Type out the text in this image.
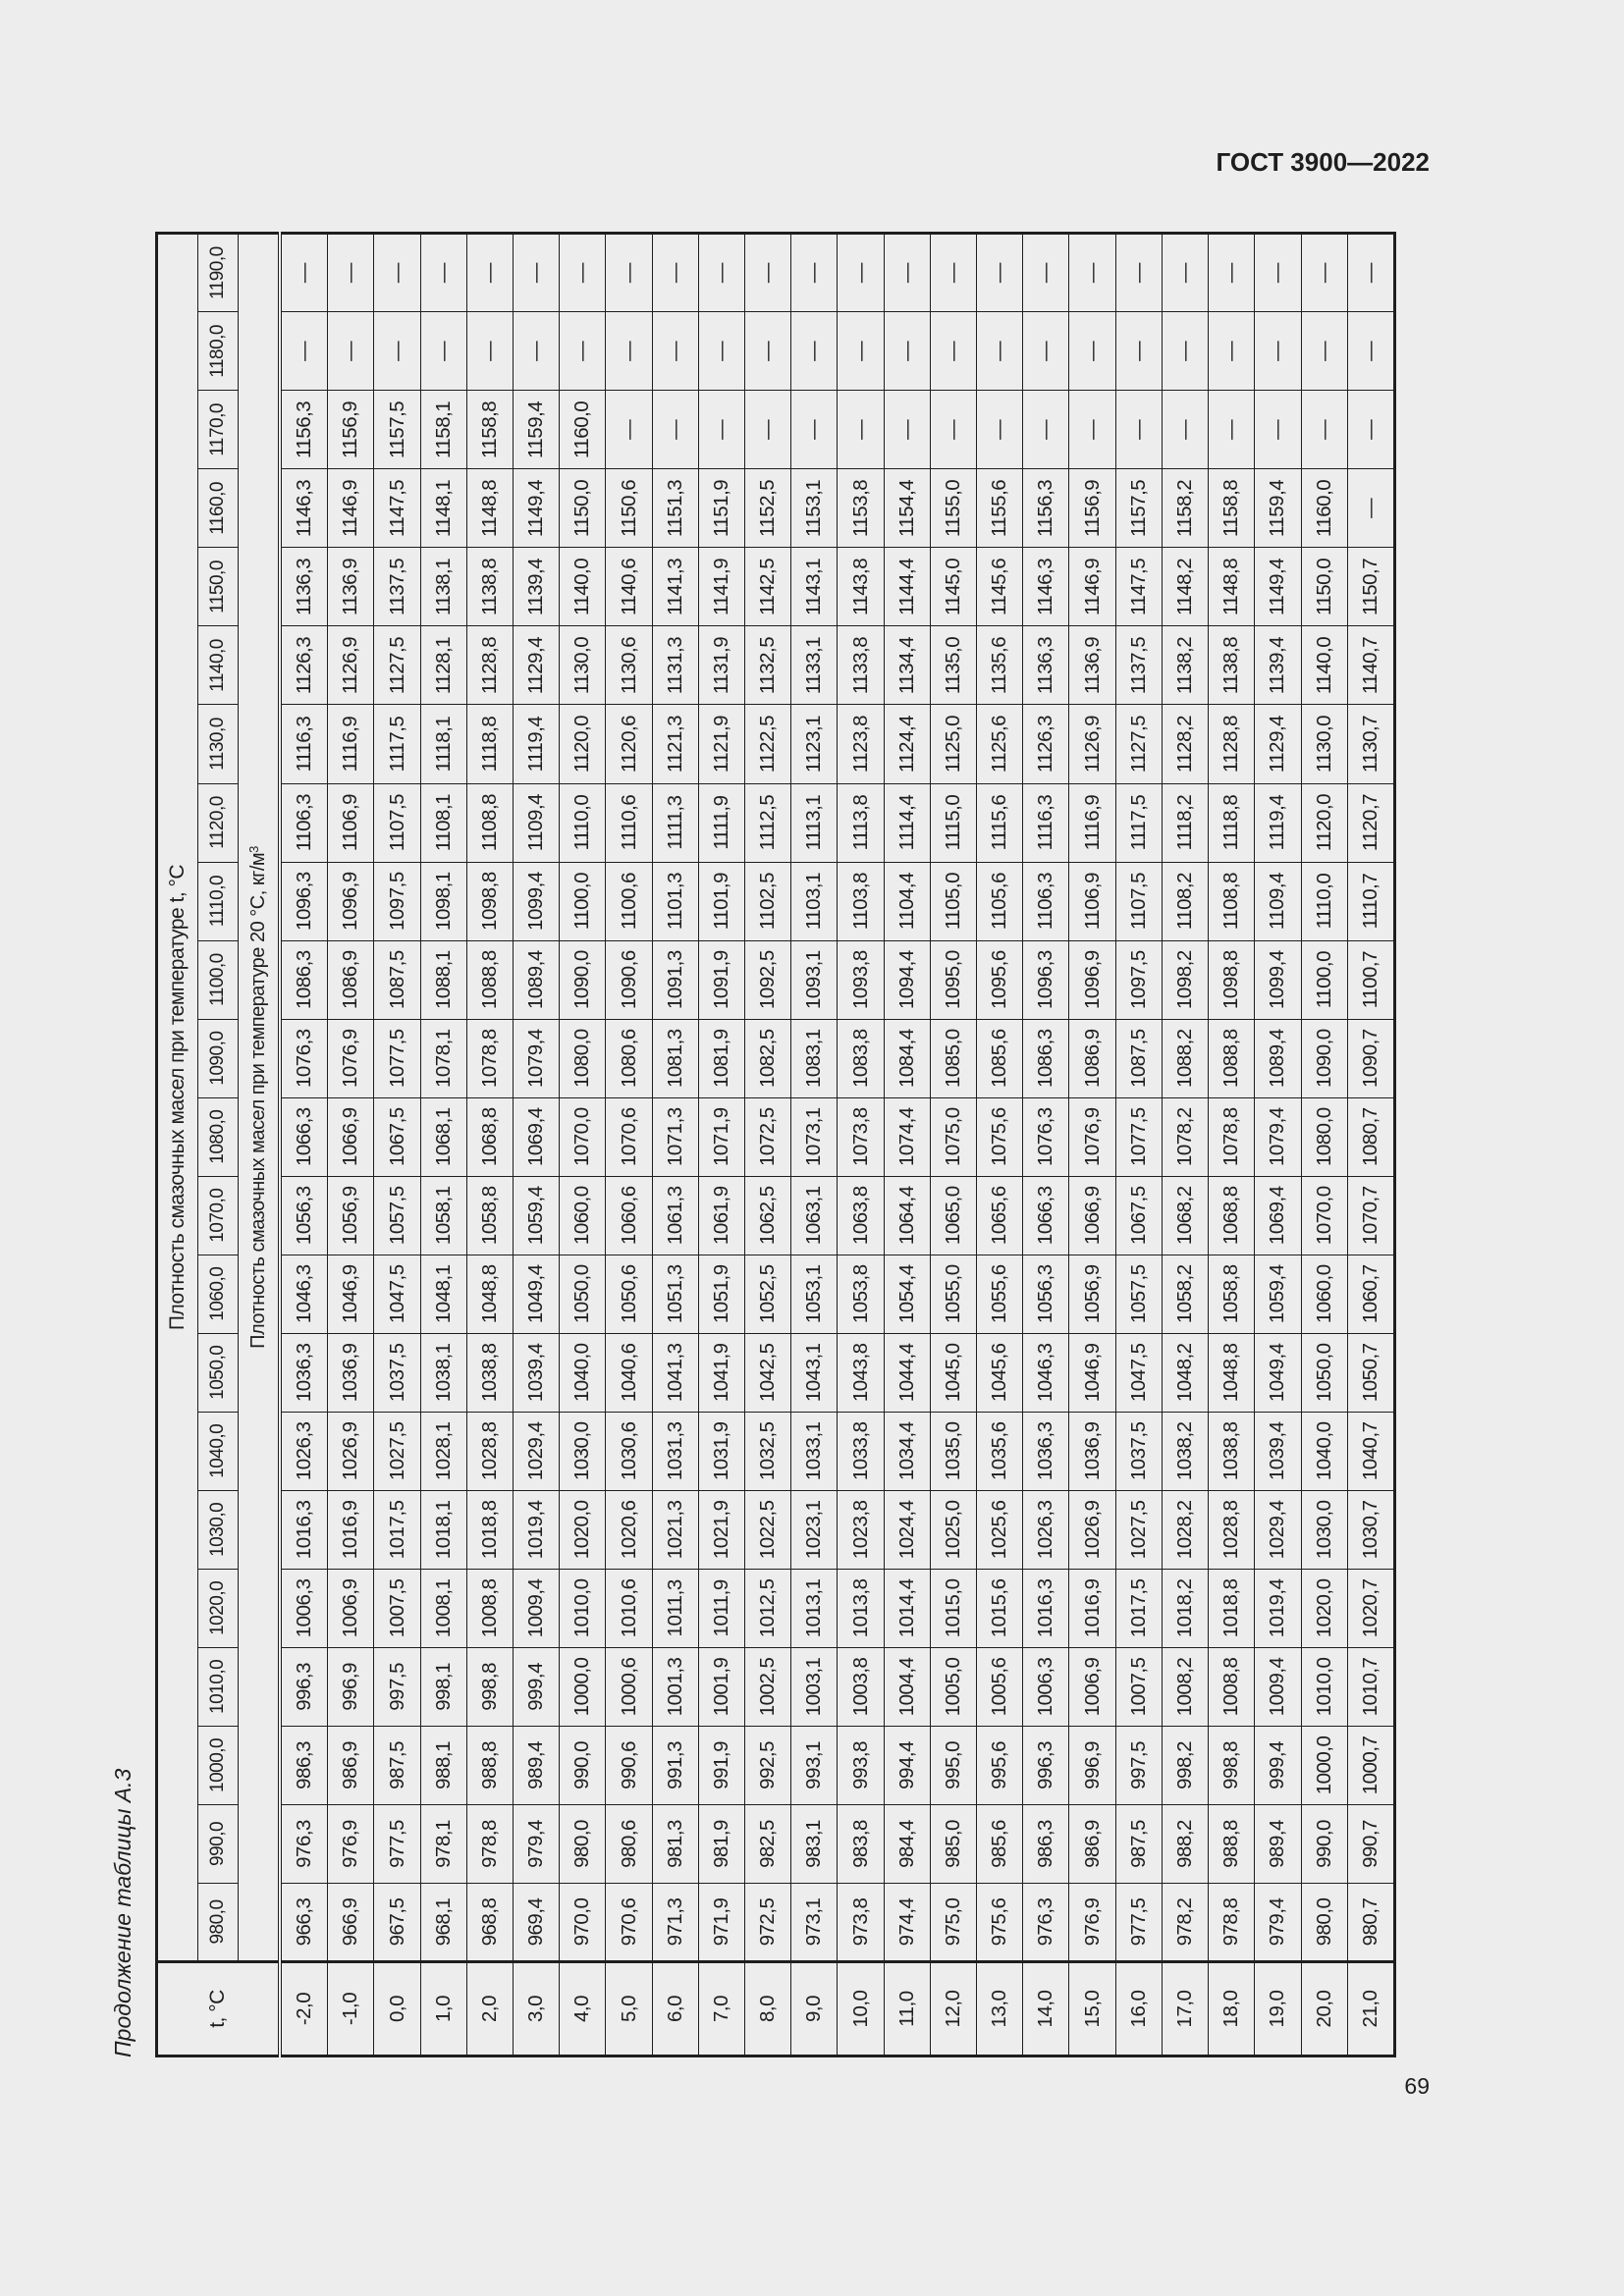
ГОСТ 3900—2022
Продолжение таблицы А.3	t, °C	Плотность смазочных масел при температуре t, °C																					
	980,0	990,0	1000,0	1010,0	1020,0	1030,0	1040,0	1050,0	1060,0	1070,0	1080,0	1090,0	1100,0	1110,0	1120,0	1130,0	1140,0	1150,0	1160,0	1170,0	1180,0	1190,0
	Плотность смазочных масел при температуре 20 °C, $кг/м^3$
-2,0	966,3	976,3	986,3	996,3	1006,3	1016,3	1026,3	1036,3	1046,3	1056,3	1066,3	1076,3	1086,3	1096,3	1106,3	1116,3	1126,3	1136,3	1146,3	1156,3	—	—
-1,0	966,9	976,9	986,9	996,9	1006,9	1016,9	1026,9	1036,9	1046,9	1056,9	1066,9	1076,9	1086,9	1096,9	1106,9	1116,9	1126,9	1136,9	1146,9	1156,9	—	—
0,0	967,5	977,5	987,5	997,5	1007,5	1017,5	1027,5	1037,5	1047,5	1057,5	1067,5	1077,5	1087,5	1097,5	1107,5	1117,5	1127,5	1137,5	1147,5	1157,5	—	—
1,0	968,1	978,1	988,1	998,1	1008,1	1018,1	1028,1	1038,1	1048,1	1058,1	1068,1	1078,1	1088,1	1098,1	1108,1	1118,1	1128,1	1138,1	1148,1	1158,1	—	—
2,0	968,8	978,8	988,8	998,8	1008,8	1018,8	1028,8	1038,8	1048,8	1058,8	1068,8	1078,8	1088,8	1098,8	1108,8	1118,8	1128,8	1138,8	1148,8	1158,8	—	—
3,0	969,4	979,4	989,4	999,4	1009,4	1019,4	1029,4	1039,4	1049,4	1059,4	1069,4	1079,4	1089,4	1099,4	1109,4	1119,4	1129,4	1139,4	1149,4	1159,4	—	—
4,0	970,0	980,0	990,0	1000,0	1010,0	1020,0	1030,0	1040,0	1050,0	1060,0	1070,0	1080,0	1090,0	1100,0	1110,0	1120,0	1130,0	1140,0	1150,0	1160,0	—	—
5,0	970,6	980,6	990,6	1000,6	1010,6	1020,6	1030,6	1040,6	1050,6	1060,6	1070,6	1080,6	1090,6	1100,6	1110,6	1120,6	1130,6	1140,6	1150,6	—	—	—
6,0	971,3	981,3	991,3	1001,3	1011,3	1021,3	1031,3	1041,3	1051,3	1061,3	1071,3	1081,3	1091,3	1101,3	1111,3	1121,3	1131,3	1141,3	1151,3	—	—	—
7,0	971,9	981,9	991,9	1001,9	1011,9	1021,9	1031,9	1041,9	1051,9	1061,9	1071,9	1081,9	1091,9	1101,9	1111,9	1121,9	1131,9	1141,9	1151,9	—	—	—
8,0	972,5	982,5	992,5	1002,5	1012,5	1022,5	1032,5	1042,5	1052,5	1062,5	1072,5	1082,5	1092,5	1102,5	1112,5	1122,5	1132,5	1142,5	1152,5	—	—	—
9,0	973,1	983,1	993,1	1003,1	1013,1	1023,1	1033,1	1043,1	1053,1	1063,1	1073,1	1083,1	1093,1	1103,1	1113,1	1123,1	1133,1	1143,1	1153,1	—	—	—
10,0	973,8	983,8	993,8	1003,8	1013,8	1023,8	1033,8	1043,8	1053,8	1063,8	1073,8	1083,8	1093,8	1103,8	1113,8	1123,8	1133,8	1143,8	1153,8	—	—	—
11,0	974,4	984,4	994,4	1004,4	1014,4	1024,4	1034,4	1044,4	1054,4	1064,4	1074,4	1084,4	1094,4	1104,4	1114,4	1124,4	1134,4	1144,4	1154,4	—	—	—
12,0	975,0	985,0	995,0	1005,0	1015,0	1025,0	1035,0	1045,0	1055,0	1065,0	1075,0	1085,0	1095,0	1105,0	1115,0	1125,0	1135,0	1145,0	1155,0	—	—	—
13,0	975,6	985,6	995,6	1005,6	1015,6	1025,6	1035,6	1045,6	1055,6	1065,6	1075,6	1085,6	1095,6	1105,6	1115,6	1125,6	1135,6	1145,6	1155,6	—	—	—
14,0	976,3	986,3	996,3	1006,3	1016,3	1026,3	1036,3	1046,3	1056,3	1066,3	1076,3	1086,3	1096,3	1106,3	1116,3	1126,3	1136,3	1146,3	1156,3	—	—	—
15,0	976,9	986,9	996,9	1006,9	1016,9	1026,9	1036,9	1046,9	1056,9	1066,9	1076,9	1086,9	1096,9	1106,9	1116,9	1126,9	1136,9	1146,9	1156,9	—	—	—
16,0	977,5	987,5	997,5	1007,5	1017,5	1027,5	1037,5	1047,5	1057,5	1067,5	1077,5	1087,5	1097,5	1107,5	1117,5	1127,5	1137,5	1147,5	1157,5	—	—	—
17,0	978,2	988,2	998,2	1008,2	1018,2	1028,2	1038,2	1048,2	1058,2	1068,2	1078,2	1088,2	1098,2	1108,2	1118,2	1128,2	1138,2	1148,2	1158,2	—	—	—
18,0	978,8	988,8	998,8	1008,8	1018,8	1028,8	1038,8	1048,8	1058,8	1068,8	1078,8	1088,8	1098,8	1108,8	1118,8	1128,8	1138,8	1148,8	1158,8	—	—	—
19,0	979,4	989,4	999,4	1009,4	1019,4	1029,4	1039,4	1049,4	1059,4	1069,4	1079,4	1089,4	1099,4	1109,4	1119,4	1129,4	1139,4	1149,4	1159,4	—	—	—
20,0	980,0	990,0	1000,0	1010,0	1020,0	1030,0	1040,0	1050,0	1060,0	1070,0	1080,0	1090,0	1100,0	1110,0	1120,0	1130,0	1140,0	1150,0	1160,0	—	—	—
21,0	980,7	990,7	1000,7	1010,7	1020,7	1030,7	1040,7	1050,7	1060,7	1070,7	1080,7	1090,7	1100,7	1110,7	1120,7	1130,7	1140,7	1150,7	—	—	—	—
69
